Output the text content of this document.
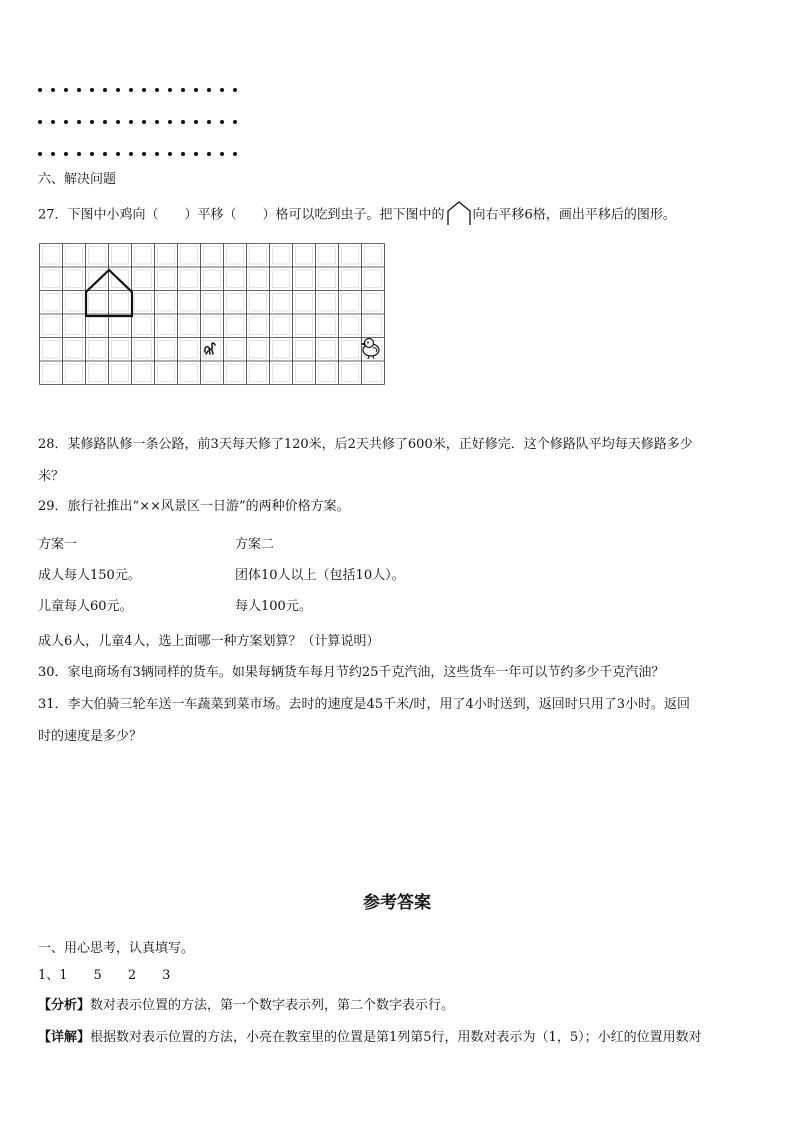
六、解决问题
27．下图中小鸡向（　　）平移（　　）格可以吃到虫子。把下图中的 向右平移6格，画出平移后的图形。
28．某修路队修一条公路，前3天每天修了120米，后2天共修了600米，正好修完．这个修路队平均每天修路多少
米？
29．旅行社推出“××风景区一日游”的两种价格方案。
方案一	方案二
成人每人150元。	团体10人以上（包括10人）。
儿童每人60元。	每人100元。
成人6人，儿童4人，选上面哪一种方案划算？（计算说明）
30．家电商场有3辆同样的货车。如果每辆货车每月节约25千克汽油，这些货车一年可以节约多少千克汽油？
31．李大伯骑三轮车送一车蔬菜到菜市场。去时的速度是45千米/时，用了4小时送到，返回时只用了3小时。返回
时的速度是多少？
参考答案
一、用心思考，认真填写。
1、1　　5　　2　　3
【分析】数对表示位置的方法，第一个数字表示列，第二个数字表示行。
【详解】根据数对表示位置的方法，小亮在教室里的位置是第1列第5行，用数对表示为（1，5）；小红的位置用数对
